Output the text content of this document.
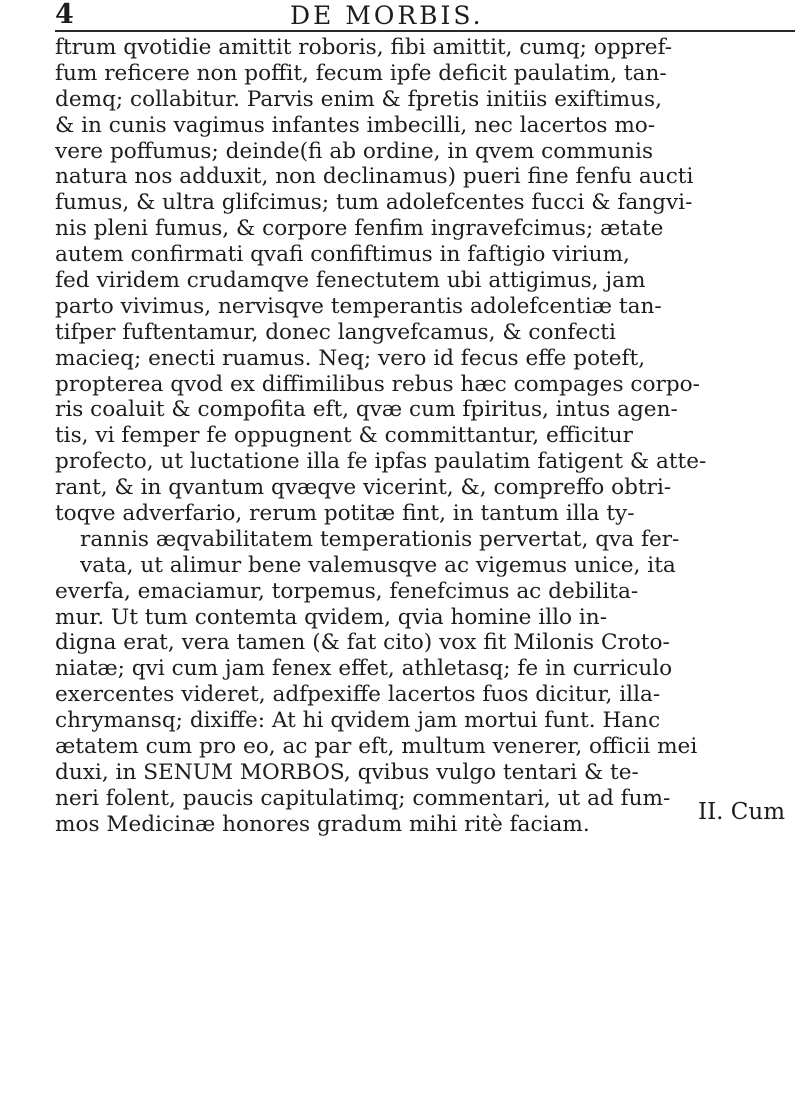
4	DE MORBIS.
ftrum qvotidie amittit roboris, fibi amittit, cumq; oppref-
fum reficere non poffit, fecum ipfe deficit paulatim, tan-
demq; collabitur. Parvis enim & fpretis initiis exiftimus,
& in cunis vagimus infantes imbecilli, nec lacertos mo-
vere poffumus; deinde(fi ab ordine, in qvem communis
natura nos adduxit, non declinamus) pueri fine fenfu aucti
fumus, & ultra glifcimus; tum adolefcentes fucci & fangvi-
nis pleni fumus, & corpore fenfim ingravefcimus; ætate
autem confirmati qvafi confiftimus in faftigio virium,
fed viridem crudamqve fenectutem ubi attigimus, jam
parto vivimus, nervisqve temperantis adolefcentiæ tan-
tifper fuftentamur, donec langvefcamus, & confecti
macieq; enecti ruamus. Neq; vero id fecus effe poteft,
propterea qvod ex diffimilibus rebus hæc compages corpo-
ris coaluit & compofita eft, qvæ cum fpiritus, intus agen-
tis, vi femper fe oppugnent & committantur, efficitur
profecto, ut luctatione illa fe ipfas paulatim fatigent & atte-
rant, & in qvantum qvæqve vicerint, &, compreffo obtri-
toqve adverfario, rerum potitæ fint, in tantum illa ty-
rannis æqvabilitatem temperationis pervertat, qva fer-
vata, ut alimur bene valemusqve ac vigemus unice, ita
everfa, emaciamur, torpemus, fenefcimus ac debilita-
mur. Ut tum contemta qvidem, qvia homine illo in-
digna erat, vera tamen (& fat cito) vox fit Milonis Croto-
niatæ; qvi cum jam fenex effet, athletasq; fe in curriculo
exercentes videret, adfpexiffe lacertos fuos dicitur, illa-
chrymansq; dixiffe: At hi qvidem jam mortui funt. Hanc
ætatem cum pro eo, ac par eft, multum venerer, officii mei
duxi, in SENUM MORBOS, qvibus vulgo tentari & te-
neri folent, paucis capitulatimq; commentari, ut ad fum-
mos Medicinæ honores gradum mihi ritè faciam.	II. Cum
